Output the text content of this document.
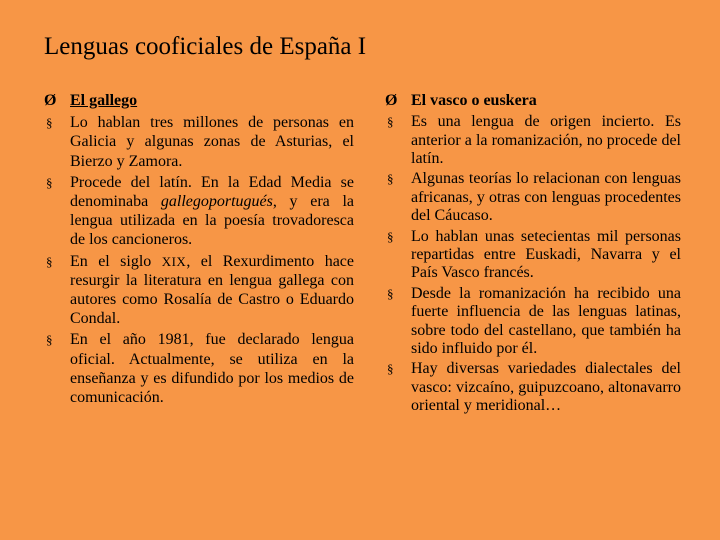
Lenguas cooficiales de España I
Ø El gallego
§ Lo hablan tres millones de personas en Galicia y algunas zonas de Asturias, el Bierzo y Zamora.
§ Procede del latín. En la Edad Media se denominaba gallegoportugués, y era la lengua utilizada en la poesía trovadoresca de los cancioneros.
§ En el siglo XIX, el Rexurdimento hace resurgir la literatura en lengua gallega con autores como Rosalía de Castro o Eduardo Condal.
§ En el año 1981, fue declarado lengua oficial. Actualmente, se utiliza en la enseñanza y es difundido por los medios de comunicación.
Ø El vasco o euskera
§ Es una lengua de origen incierto. Es anterior a la romanización, no procede del latín.
§ Algunas teorías lo relacionan con lenguas africanas, y otras con lenguas procedentes del Cáucaso.
§ Lo hablan unas setecientas mil personas repartidas entre Euskadi, Navarra y el País Vasco francés.
§ Desde la romanización ha recibido una fuerte influencia de las lenguas latinas, sobre todo del castellano, que también ha sido influido por él.
§ Hay diversas variedades dialectales del vasco: vizcaíno, guipuzcoano, altonavarro oriental y meridional…
